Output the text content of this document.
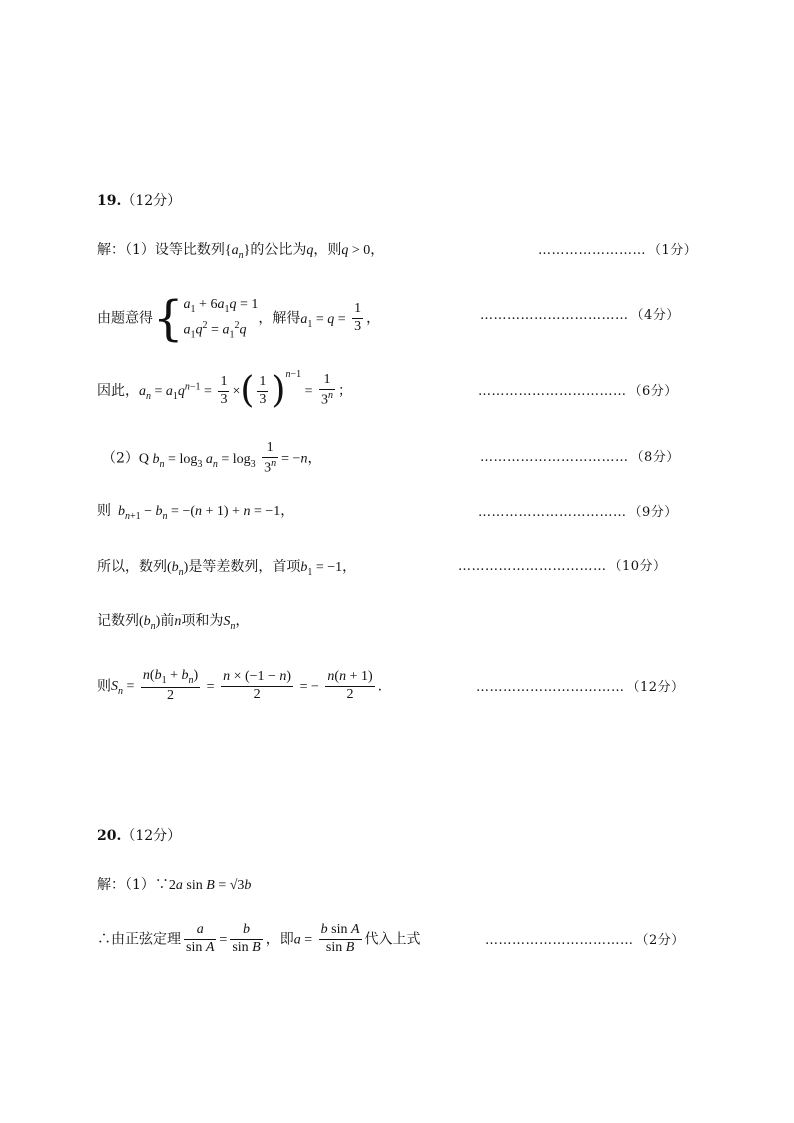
19.（12分）
解：（1）设等比数列$\{a_n\}$的公比为q，则q > 0，	…………………… （1分）
由题意得{ $a_1 + 6a_1q = 1$
$a_1q^2 = a_1^2q$
，解得$a_1 = q = \frac{1}{3}$ ，	…………………………… （4分）
因此，$a_n = a_1q^{n-1} = \frac{1}{3}$ ×( $\frac{1}{3} )^{n-1} = \frac{1}{3^n}$ ；	…………………………… （6分）
（2）Q $b_n = \log_3 a_n = \log_3 \frac{1}{3^n} = -n$，	…………………………… （8分）
则 $b_{n+1} - b_n = -(n + 1) + n = -1$，	…………………………… （9分）
所以，数列$(b_n)$是等差数列，首项$b_1 = -1$，	…………………………… （10分）
记数列$(b_n)$前n项和为$S_n$，
则$S_n = \frac{n(b_1 + b_n)}{2} = \frac{n \times (-1 - n)}{2}$ = − $\frac{n(n + 1)}{2}$ .	…………………………… （12分）
20.（12分）
解：（1）∵2a sin B = √3b
∴由正弦定理 $\frac{a}{\text{sin A}} = \frac{b}{\text{sin B}}$ ，即$a = \frac{\text{b sin A}}{\text{sin B}}$ 代入上式	…………………………… （2分）
